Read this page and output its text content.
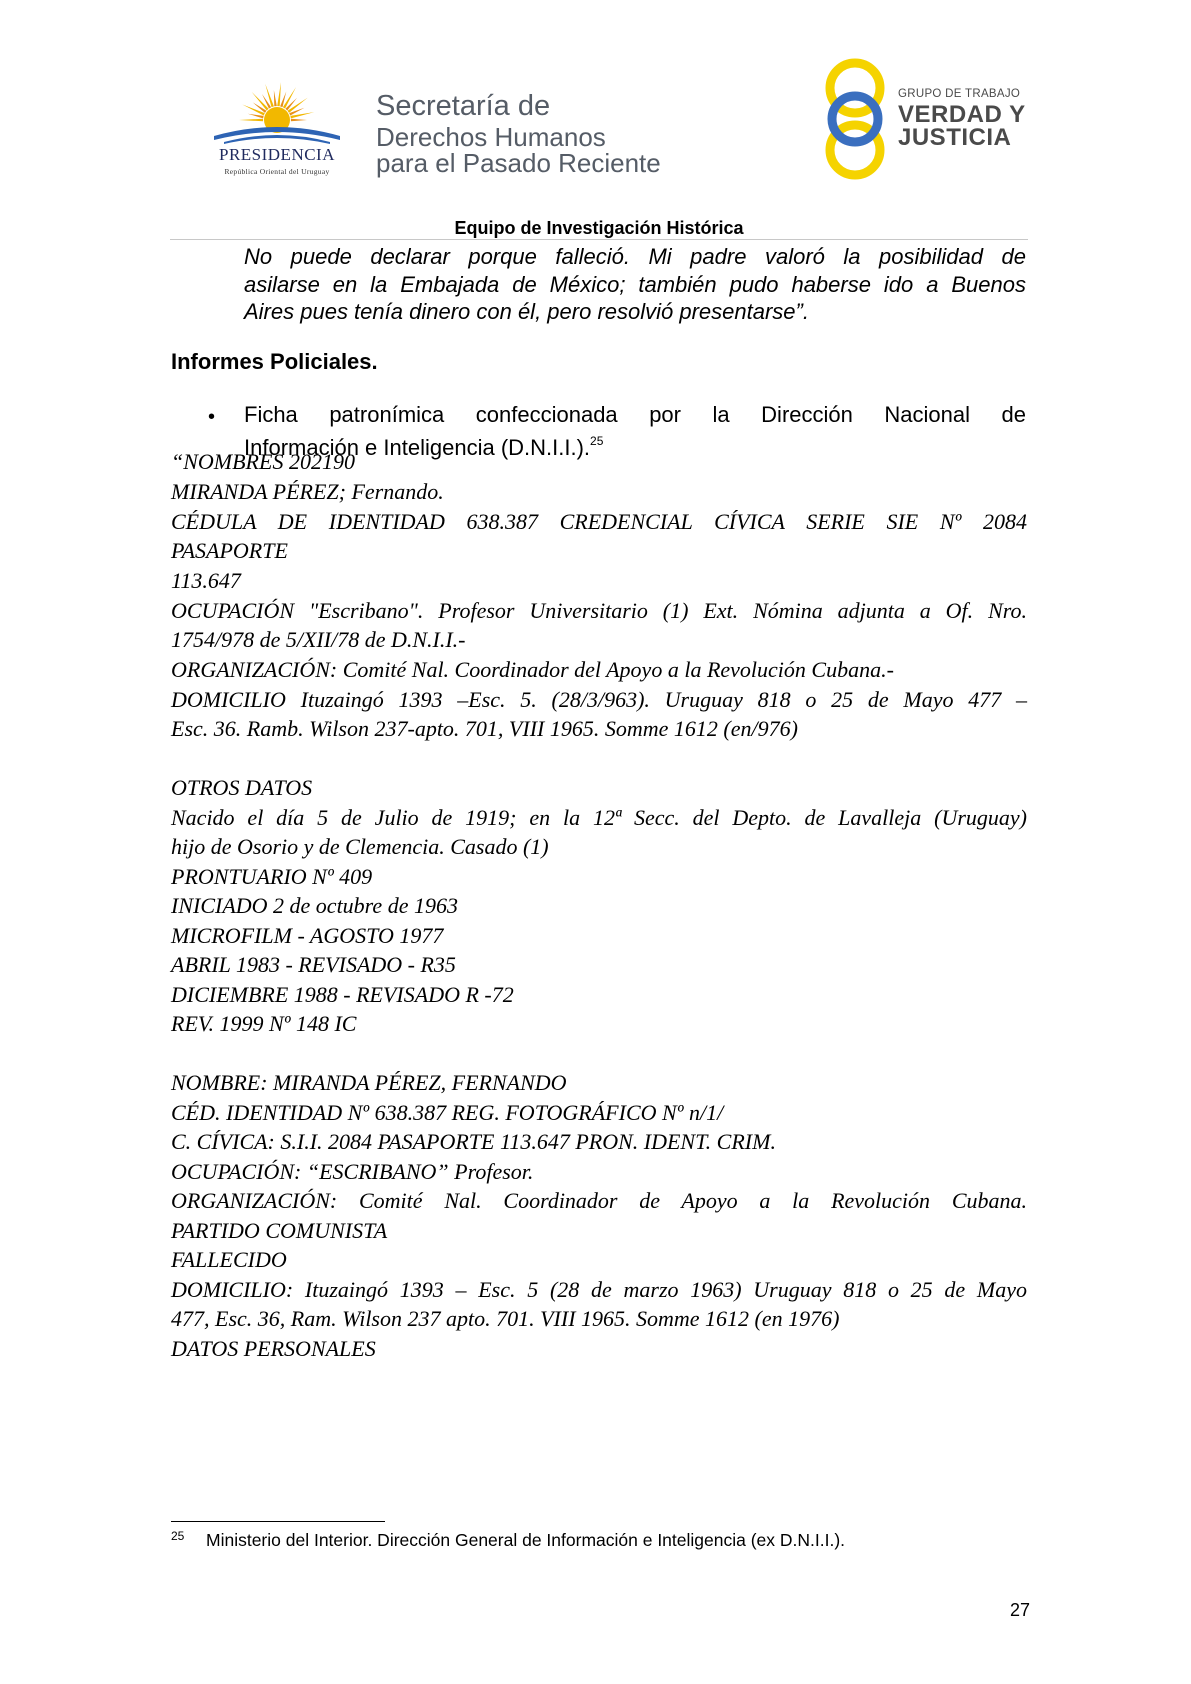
PRESIDENCIA
República Oriental del Uruguay
Secretaría de
Derechos Humanos
para el Pasado Reciente
GRUPO DE TRABAJO
VERDAD Y
JUSTICIA
Equipo de Investigación Histórica
No puede declarar porque falleció. Mi padre valoró la posibilidad de
asilarse en la Embajada de México; también pudo haberse ido a Buenos
Aires pues tenía dinero con él, pero resolvió presentarse”.
Informes Policiales.
• Ficha patronímica confeccionada por la Dirección Nacional de
Información e Inteligencia (D.N.I.I.).$^{25}$
“NOMBRES 202190
MIRANDA PÉREZ; Fernando.
CÉDULA DE IDENTIDAD 638.387 CREDENCIAL CÍVICA SERIE SIE Nº 2084
PASAPORTE
113.647
OCUPACIÓN "Escribano". Profesor Universitario (1) Ext. Nómina adjunta a Of. Nro.
1754/978 de 5/XII/78 de D.N.I.I.-
ORGANIZACIÓN: Comité Nal. Coordinador del Apoyo a la Revolución Cubana.-
DOMICILIO Ituzaingó 1393 –Esc. 5. (28/3/963). Uruguay 818 o 25 de Mayo 477 –
Esc. 36. Ramb. Wilson 237-apto. 701, VIII 1965. Somme 1612 (en/976)
OTROS DATOS
Nacido el día 5 de Julio de 1919; en la 12ª Secc. del Depto. de Lavalleja (Uruguay)
hijo de Osorio y de Clemencia. Casado (1)
PRONTUARIO Nº 409
INICIADO 2 de octubre de 1963
MICROFILM - AGOSTO 1977
ABRIL 1983 - REVISADO - R35
DICIEMBRE 1988 - REVISADO R -72
REV. 1999 Nº 148 IC
NOMBRE: MIRANDA PÉREZ, FERNANDO
CÉD. IDENTIDAD Nº 638.387 REG. FOTOGRÁFICO Nº n/1/
C. CÍVICA: S.I.I. 2084 PASAPORTE 113.647 PRON. IDENT. CRIM.
OCUPACIÓN: “ESCRIBANO” Profesor.
ORGANIZACIÓN: Comité Nal. Coordinador de Apoyo a la Revolución Cubana.
PARTIDO COMUNISTA
FALLECIDO
DOMICILIO: Ituzaingó 1393 – Esc. 5 (28 de marzo 1963) Uruguay 818 o 25 de Mayo
477, Esc. 36, Ram. Wilson 237 apto. 701. VIII 1965. Somme 1612 (en 1976)
DATOS PERSONALES
25 Ministerio del Interior. Dirección General de Información e Inteligencia (ex D.N.I.I.).
27
